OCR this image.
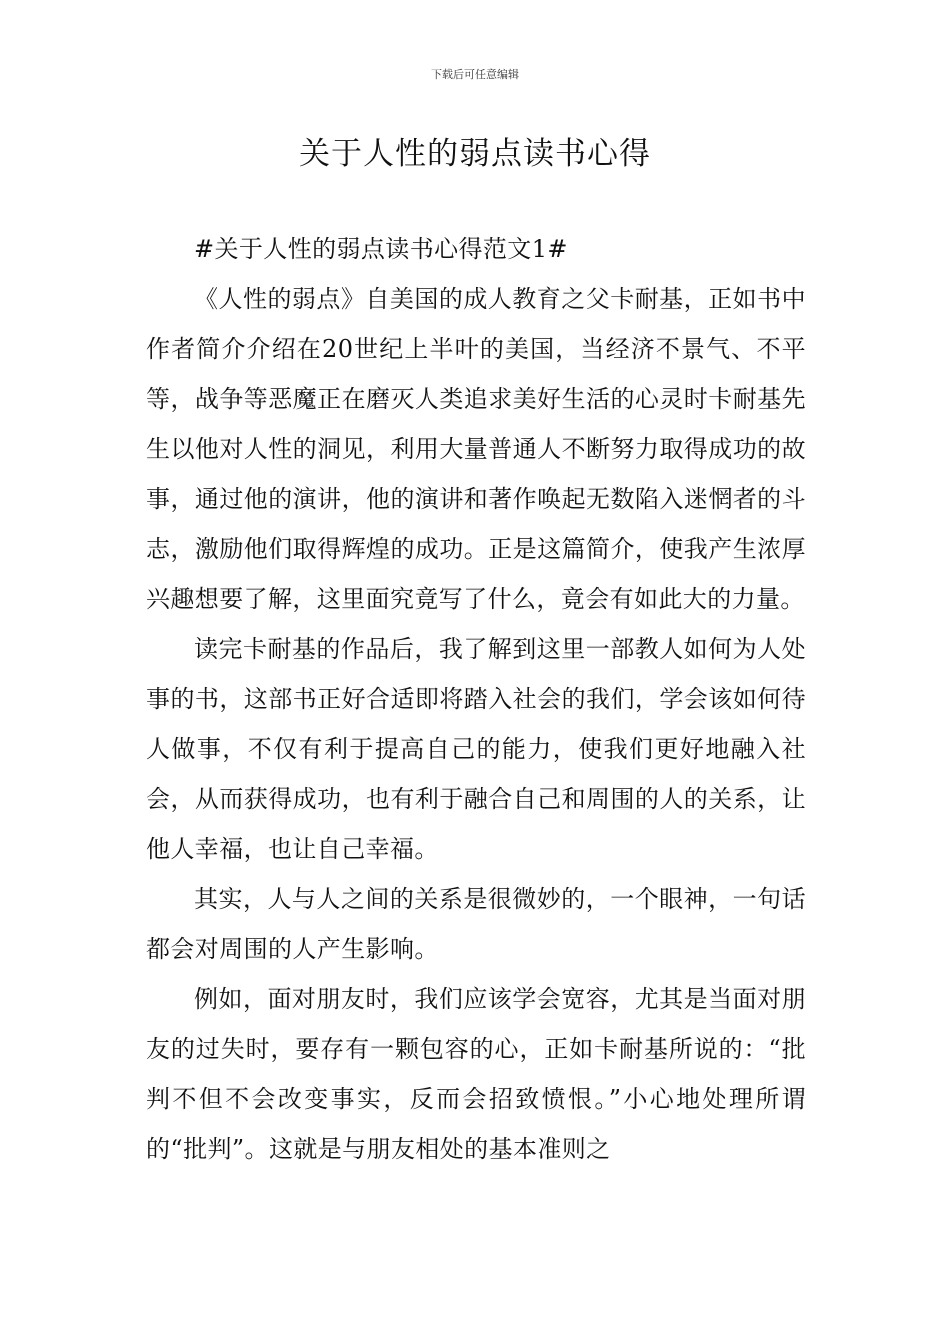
下载后可任意编辑
关于人性的弱点读书心得

#关于人性的弱点读书心得范文1#

《人性的弱点》自美国的成人教育之父卡耐基，正如书中作者简介介绍在20世纪上半叶的美国，当经济不景气、不平等，战争等恶魔正在磨灭人类追求美好生活的心灵时卡耐基先生以他对人性的洞见，利用大量普通人不断努力取得成功的故事，通过他的演讲，他的演讲和著作唤起无数陷入迷惘者的斗志，激励他们取得辉煌的成功。正是这篇简介，使我产生浓厚兴趣想要了解，这里面究竟写了什么，竟会有如此大的力量。

读完卡耐基的作品后，我了解到这里一部教人如何为人处事的书，这部书正好合适即将踏入社会的我们，学会该如何待人做事，不仅有利于提高自己的能力，使我们更好地融入社会，从而获得成功，也有利于融合自己和周围的人的关系，让他人幸福，也让自己幸福。

其实，人与人之间的关系是很微妙的，一个眼神，一句话都会对周围的人产生影响。

例如，面对朋友时，我们应该学会宽容，尤其是当面对朋友的过失时，要存有一颗包容的心，正如卡耐基所说的：“批判不但不会改变事实，反而会招致愤恨。”小心地处理所谓的“批判”。这就是与朋友相处的基本准则之
